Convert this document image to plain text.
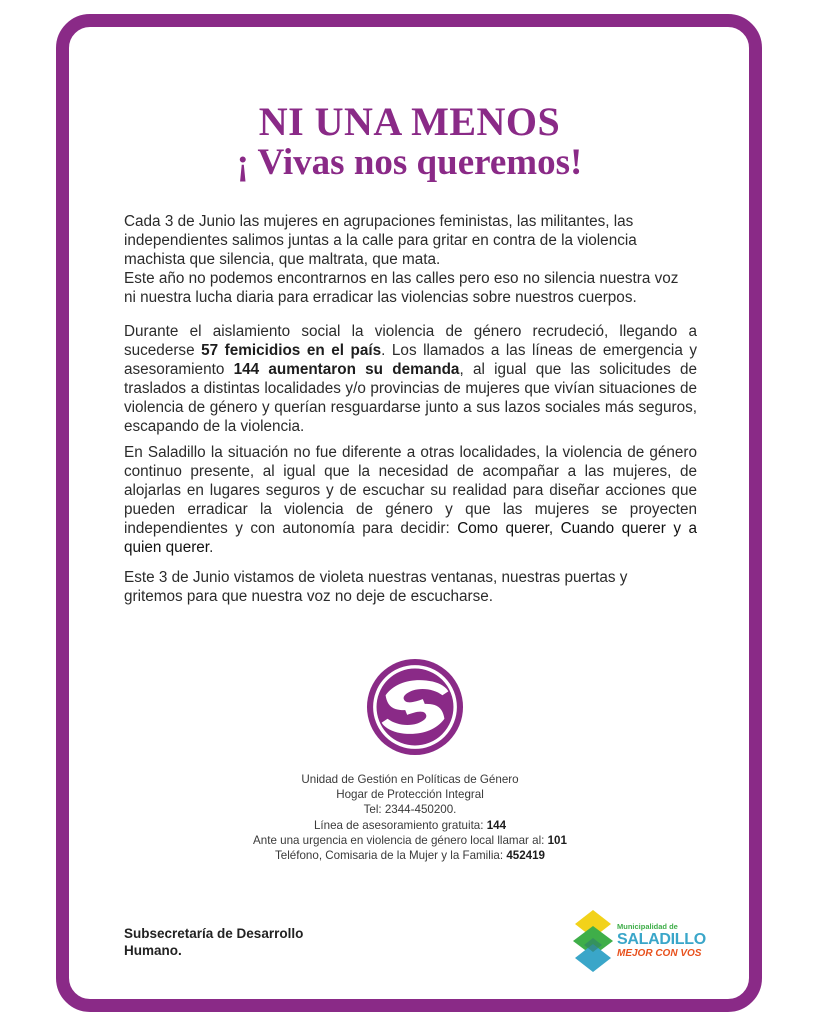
NI UNA MENOS
¡ Vivas nos queremos!
Cada 3 de Junio las mujeres en agrupaciones feministas, las militantes, las
independientes salimos juntas a la calle para gritar en contra de la violencia
machista que silencia, que maltrata, que mata.
Este año no podemos encontrarnos en las calles pero eso no silencia nuestra voz
ni nuestra lucha diaria para erradicar las violencias sobre nuestros cuerpos.

Durante el aislamiento social la violencia de género recrudeció, llegando a sucederse 57 femicidios en el país. Los llamados a las líneas de emergencia y asesoramiento 144 aumentaron su demanda, al igual que las solicitudes de traslados a distintas localidades y/o provincias de mujeres que vivían situaciones de violencia de género y querían resguardarse junto a sus lazos sociales más seguros, escapando de la violencia.

En Saladillo la situación no fue diferente a otras localidades, la violencia de género continuo presente, al igual que la necesidad de acompañar a las mujeres, de alojarlas en lugares seguros y de escuchar su realidad para diseñar acciones que pueden erradicar la violencia de género y que las mujeres se proyecten independientes y con autonomía para decidir: Como querer, Cuando querer y a quien querer.

Este 3 de Junio vistamos de violeta nuestras ventanas, nuestras puertas y
gritemos para que nuestra voz no deje de escucharse.
Unidad de Gestión en Políticas de Género
Hogar de Protección Integral
Tel: 2344-450200.
Línea de asesoramiento gratuita: 144
Ante una urgencia en violencia de género local llamar al: 101
Teléfono, Comisaria de la Mujer y la Familia: 452419
Subsecretaría de Desarrollo
Humano.
Municipalidad de
SALADILLO
MEJOR CON VOS
